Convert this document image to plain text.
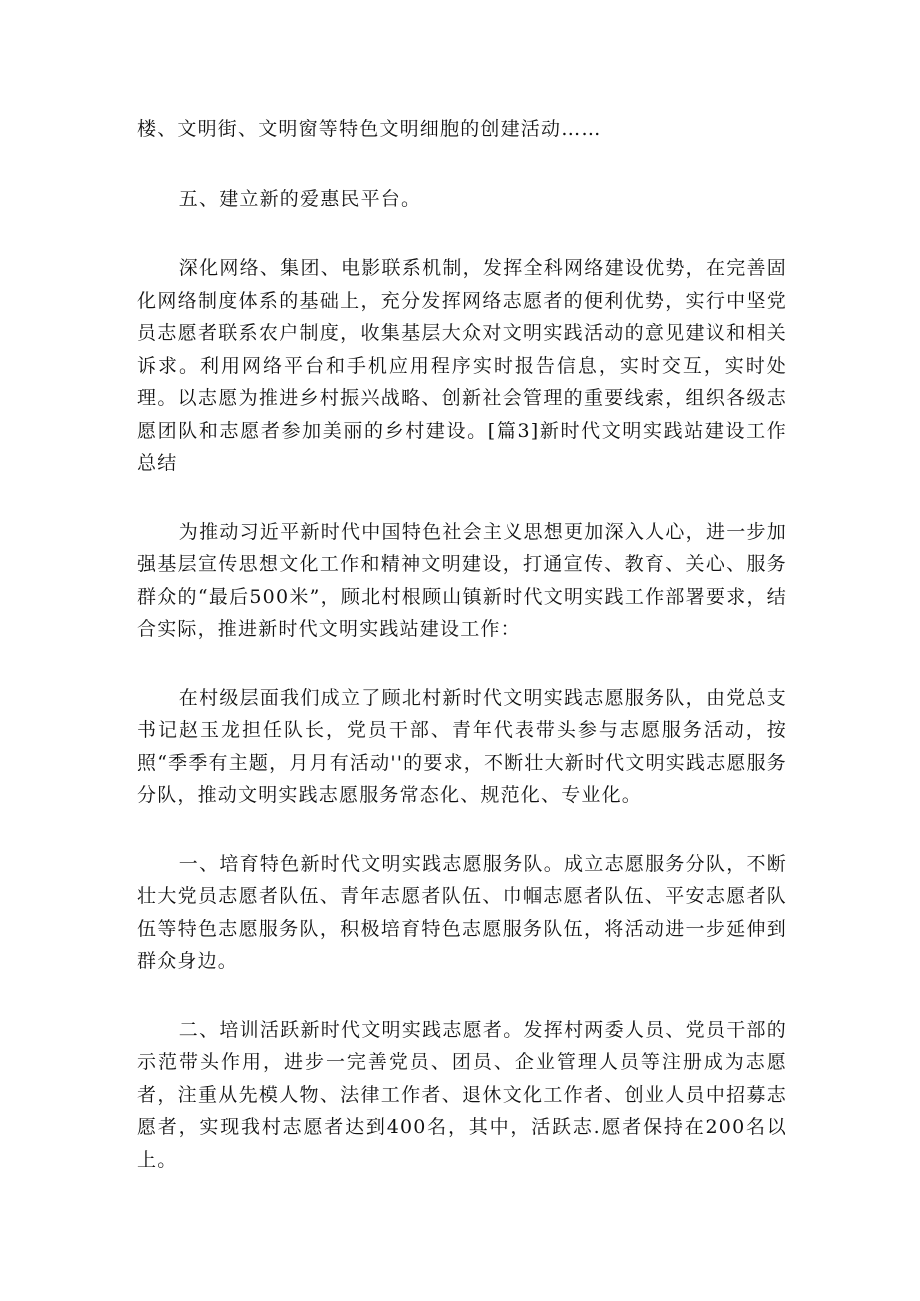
楼、文明街、文明窗等特色文明细胞的创建活动……

五、建立新的爱惠民平台。

深化网络、集团、电影联系机制，发挥全科网络建设优势，在完善固化网络制度体系的基础上，充分发挥网络志愿者的便利优势，实行中坚党员志愿者联系农户制度，收集基层大众对文明实践活动的意见建议和相关诉求。利用网络平台和手机应用程序实时报告信息，实时交互，实时处理。以志愿为推进乡村振兴战略、创新社会管理的重要线索，组织各级志愿团队和志愿者参加美丽的乡村建设。[篇3]新时代文明实践站建设工作总结

为推动习近平新时代中国特色社会主义思想更加深入人心，进一步加强基层宣传思想文化工作和精神文明建设，打通宣传、教育、关心、服务群众的“最后500米”，顾北村根顾山镇新时代文明实践工作部署要求，结合实际，推进新时代文明实践站建设工作：

在村级层面我们成立了顾北村新时代文明实践志愿服务队，由党总支书记赵玉龙担任队长，党员干部、青年代表带头参与志愿服务活动，按照“季季有主题，月月有活动''的要求，不断壮大新时代文明实践志愿服务分队，推动文明实践志愿服务常态化、规范化、专业化。

一、培育特色新时代文明实践志愿服务队。成立志愿服务分队，不断壮大党员志愿者队伍、青年志愿者队伍、巾帼志愿者队伍、平安志愿者队伍等特色志愿服务队，积极培育特色志愿服务队伍，将活动进一步延伸到群众身边。

二、培训活跃新时代文明实践志愿者。发挥村两委人员、党员干部的示范带头作用，进步一完善党员、团员、企业管理人员等注册成为志愿者，注重从先模人物、法律工作者、退休文化工作者、创业人员中招募志愿者，实现我村志愿者达到400名，其中，活跃志.愿者保持在200名以上。
